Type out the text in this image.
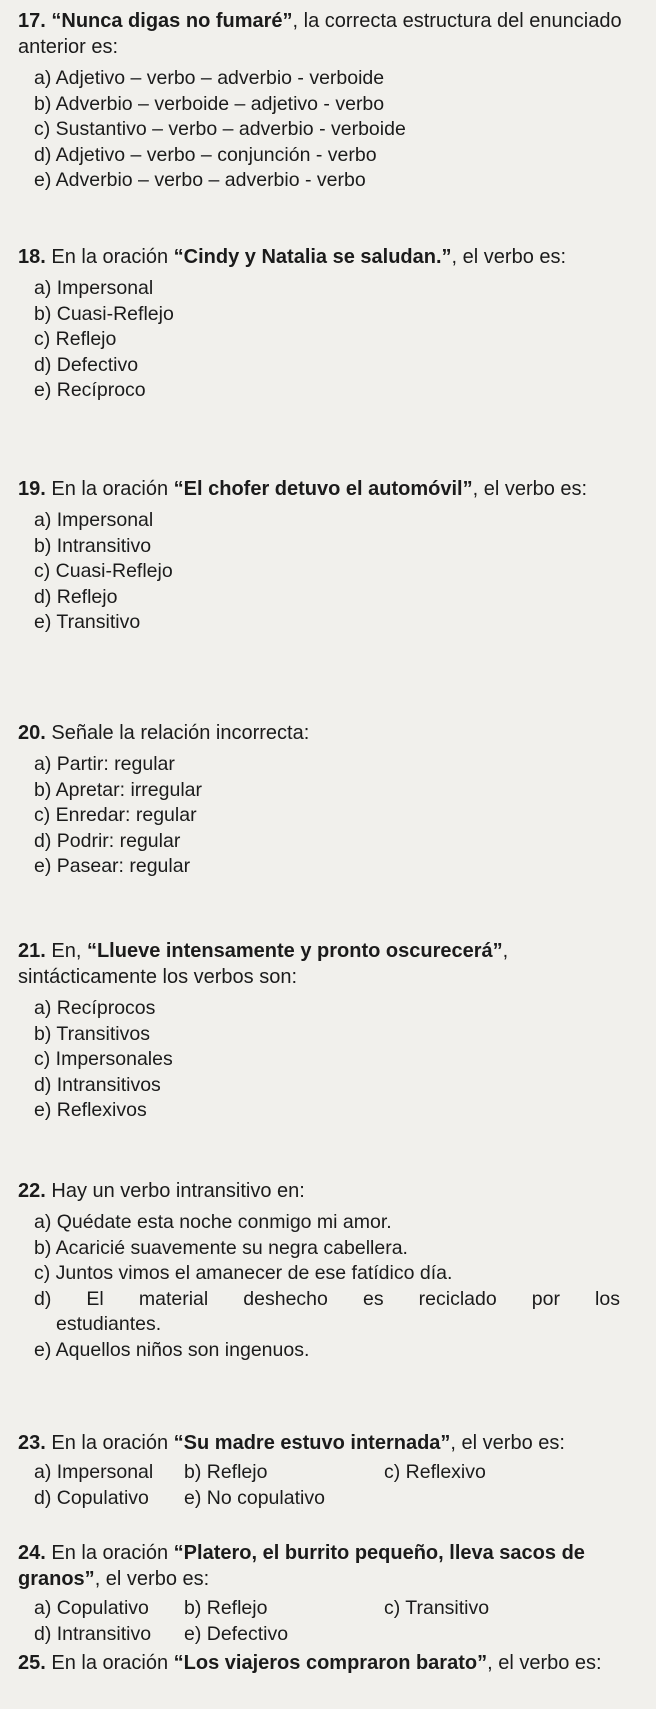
17. “Nunca digas no fumaré”, la correcta estructura del enunciado anterior es:

a) Adjetivo – verbo – adverbio - verboide
b) Adverbio – verboide – adjetivo - verbo
c) Sustantivo – verbo – adverbio - verboide
d) Adjetivo – verbo – conjunción - verbo
e) Adverbio – verbo – adverbio - verbo

18. En la oración “Cindy y Natalia se saludan.”, el verbo es:

a) Impersonal
b) Cuasi-Reflejo
c) Reflejo
d) Defectivo
e) Recíproco

19. En la oración “El chofer detuvo el automóvil”, el verbo es:

a) Impersonal
b) Intransitivo
c) Cuasi-Reflejo
d) Reflejo
e) Transitivo

20. Señale la relación incorrecta:

a) Partir: regular
b) Apretar: irregular
c) Enredar: regular
d) Podrir: regular
e) Pasear: regular

21. En, “Llueve intensamente y pronto oscurecerá”, sintácticamente los verbos son:

a) Recíprocos
b) Transitivos
c) Impersonales
d) Intransitivos
e) Reflexivos

22. Hay un verbo intransitivo en:

a) Quédate esta noche conmigo mi amor.
b) Acaricié suavemente su negra cabellera.
c) Juntos vimos el amanecer de ese fatídico día.
d) El material deshecho es reciclado por los
estudiantes.
e) Aquellos niños son ingenuos.

23. En la oración “Su madre estuvo internada”, el verbo es:

a) Impersonal	b) Reflejo	c) Reflexivo
d) Copulativo	e) No copulativo

24. En la oración “Platero, el burrito pequeño, lleva sacos de granos”, el verbo es:

a) Copulativo	b) Reflejo	c) Transitivo
d) Intransitivo	e) Defectivo

25. En la oración “Los viajeros compraron barato”, el verbo es:
